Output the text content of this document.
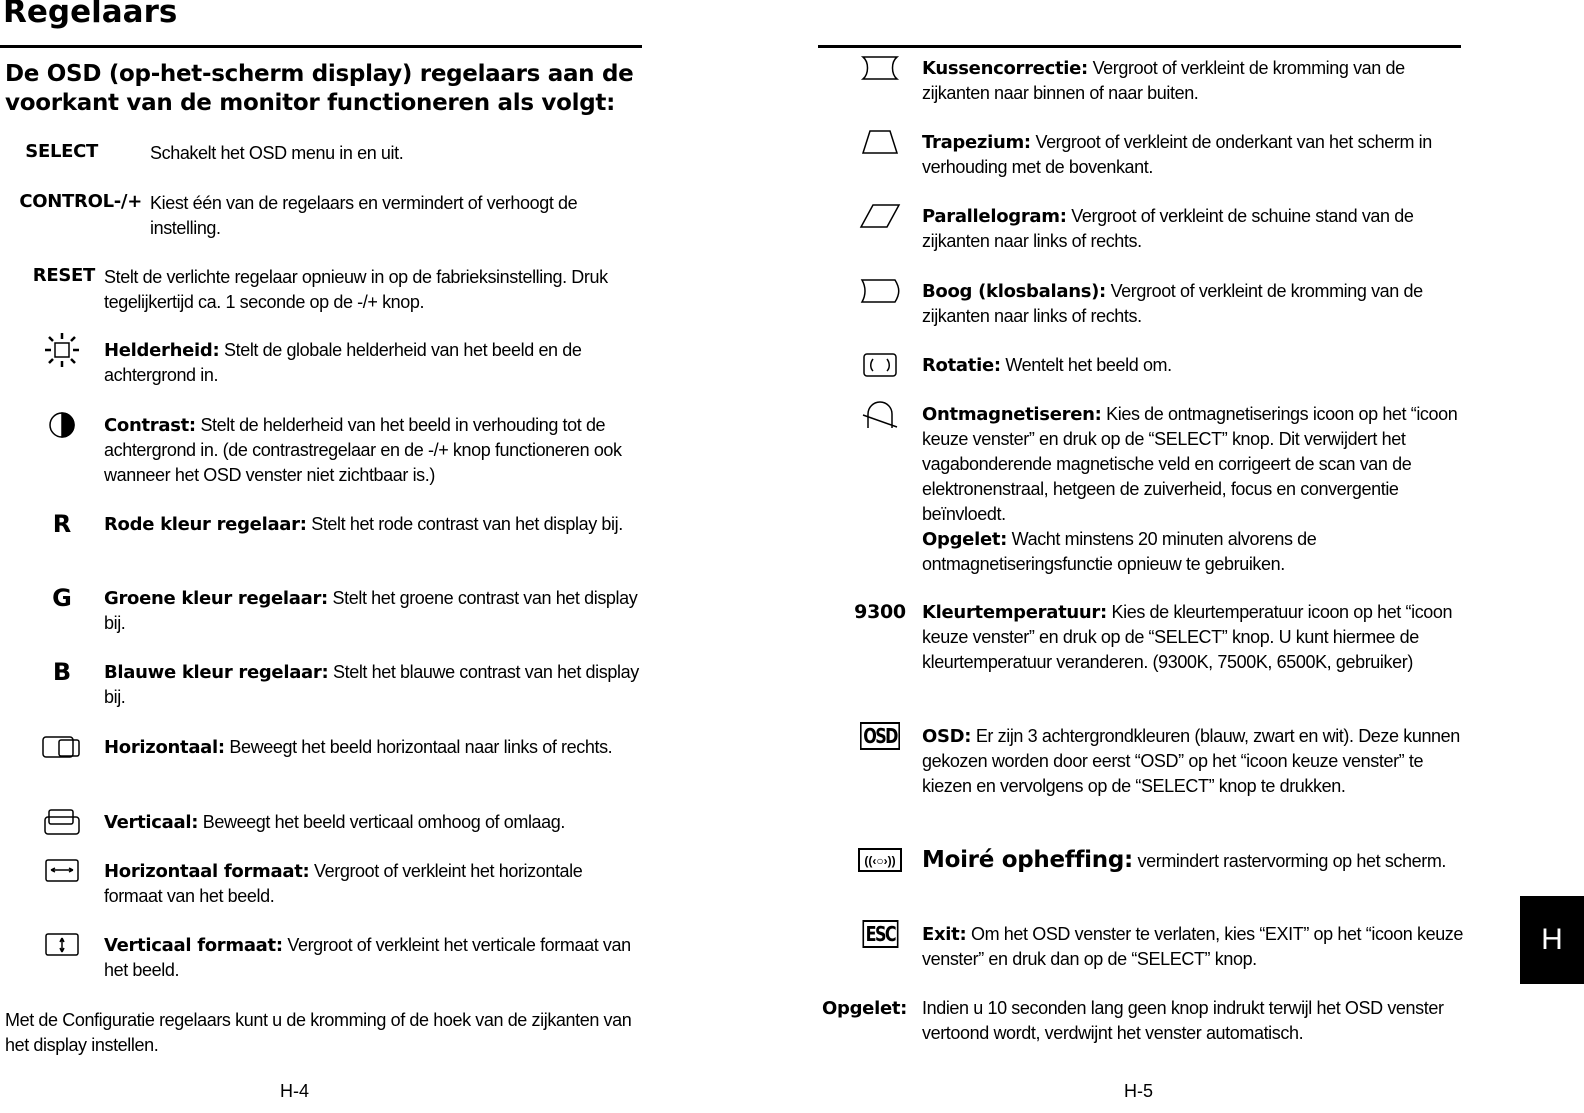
Regelaars
De OSD (op-het-scherm display) regelaars aan de voorkant van de monitor functioneren als volgt:
SELECT	Schakelt het OSD menu in en uit.
CONTROL-/+ Kiest één van de regelaars en vermindert of verhoogt de instelling.
RESET Stelt de verlichte regelaar opnieuw in op de fabrieksinstelling. Druk tegelijkertijd ca. 1 seconde op de -/+ knop.
Helderheid: Stelt de globale helderheid van het beeld en de achtergrond in.
Contrast: Stelt de helderheid van het beeld in verhouding tot de achtergrond in. (de contrastregelaar en de -/+ knop functioneren ook wanneer het OSD venster niet zichtbaar is.)
R Rode kleur regelaar: Stelt het rode contrast van het display bij.
G Groene kleur regelaar: Stelt het groene contrast van het display bij.
B Blauwe kleur regelaar: Stelt het blauwe contrast van het display bij.
Horizontaal: Beweegt het beeld horizontaal naar links of rechts.
Verticaal: Beweegt het beeld verticaal omhoog of omlaag.
Horizontaal formaat: Vergroot of verkleint het horizontale formaat van het beeld.
Verticaal formaat: Vergroot of verkleint het verticale formaat van het beeld.
Kussencorrectie: Vergroot of verkleint de kromming van de zijkanten naar binnen of naar buiten.
Trapezium: Vergroot of verkleint de onderkant van het scherm in verhouding met de bovenkant.
Parallelogram: Vergroot of verkleint de schuine stand van de zijkanten naar links of rechts.
Boog (klosbalans): Vergroot of verkleint de kromming van de zijkanten naar links of rechts.
Rotatie: Wentelt het beeld om.
Ontmagnetiseren: Kies de ontmagnetiserings icoon op het “icoon keuze venster” en druk op de “SELECT” knop. Dit verwijdert het vagabonderende magnetische veld en corrigeert de scan van de elektronenstraal, hetgeen de zuiverheid, focus en convergentie beïnvloedt.
Opgelet: Wacht minstens 20 minuten alvorens de ontmagnetiseringsfunctie opnieuw te gebruiken.
9300 Kleurtemperatuur: Kies de kleurtemperatuur icoon op het “icoon keuze venster” en druk op de “SELECT” knop. U kunt hiermee de kleurtemperatuur veranderen. (9300K, 7500K, 6500K, gebruiker)
OSD OSD: Er zijn 3 achtergrondkleuren (blauw, zwart en wit). Deze kunnen gekozen worden door eerst “OSD” op het “icoon keuze venster” te kiezen en vervolgens op de “SELECT” knop te drukken.
((‹○›)) Moiré opheffing: vermindert rastervorming op het scherm.
ESC Exit: Om het OSD venster te verlaten, kies “EXIT” op het “icoon keuze venster” en druk dan op de “SELECT” knop.
Met de Configuratie regelaars kunt u de kromming of de hoek van de zijkanten van het display instellen.
Opgelet: Indien u 10 seconden lang geen knop indrukt terwijl het OSD venster vertoond wordt, verdwijnt het venster automatisch.
H-4	H-5
H
